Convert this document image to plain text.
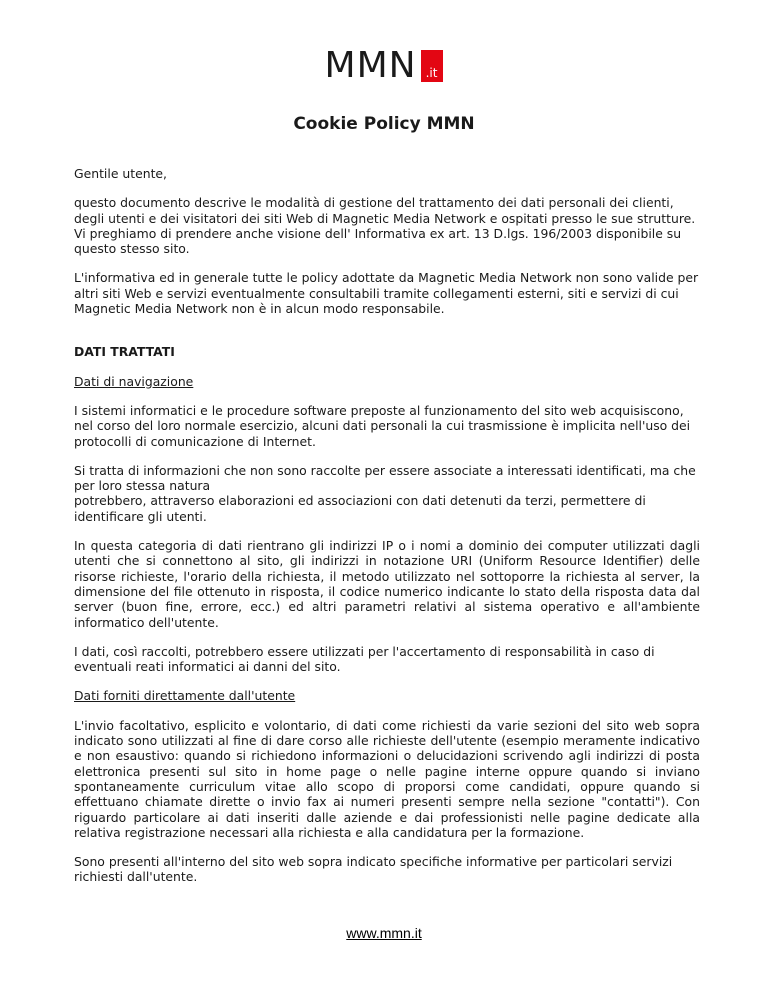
MMN .it
Cookie Policy MMN

Gentile utente,

questo documento descrive le modalità di gestione del trattamento dei dati personali dei clienti, degli utenti e dei visitatori dei siti Web di Magnetic Media Network e ospitati presso le sue strutture. Vi preghiamo di prendere anche visione dell' Informativa ex art. 13 D.lgs. 196/2003 disponibile su questo stesso sito.

L'informativa ed in generale tutte le policy adottate da Magnetic Media Network non sono valide per altri siti Web e servizi eventualmente consultabili tramite collegamenti esterni, siti e servizi di cui Magnetic Media Network non è in alcun modo responsabile.

DATI TRATTATI

Dati di navigazione

I sistemi informatici e le procedure software preposte al funzionamento del sito web acquisiscono, nel corso del loro normale esercizio, alcuni dati personali la cui trasmissione è implicita nell'uso dei protocolli di comunicazione di Internet.

Si tratta di informazioni che non sono raccolte per essere associate a interessati identificati, ma che per loro stessa natura
potrebbero, attraverso elaborazioni ed associazioni con dati detenuti da terzi, permettere di identificare gli utenti.

In questa categoria di dati rientrano gli indirizzi IP o i nomi a dominio dei computer utilizzati dagli utenti che si connettono al sito, gli indirizzi in notazione URI (Uniform Resource Identifier) delle risorse richieste, l'orario della richiesta, il metodo utilizzato nel sottoporre la richiesta al server, la dimensione del file ottenuto in risposta, il codice numerico indicante lo stato della risposta data dal server (buon fine, errore, ecc.) ed altri parametri relativi al sistema operativo e all'ambiente informatico dell'utente.

I dati, così raccolti, potrebbero essere utilizzati per l'accertamento di responsabilità in caso di eventuali reati informatici ai danni del sito.

Dati forniti direttamente dall'utente

L'invio facoltativo, esplicito e volontario, di dati come richiesti da varie sezioni del sito web sopra indicato sono utilizzati al fine di dare corso alle richieste dell'utente (esempio meramente indicativo e non esaustivo: quando si richiedono informazioni o delucidazioni scrivendo agli indirizzi di posta elettronica presenti sul sito in home page o nelle pagine interne oppure quando si inviano spontaneamente curriculum vitae allo scopo di proporsi come candidati, oppure quando si effettuano chiamate dirette o invio fax ai numeri presenti sempre nella sezione "contatti"). Con riguardo particolare ai dati inseriti dalle aziende e dai professionisti nelle pagine dedicate alla relativa registrazione necessari alla richiesta e alla candidatura per la formazione.

Sono presenti all'interno del sito web sopra indicato specifiche informative per particolari servizi richiesti dall'utente.

www.mmn.it
